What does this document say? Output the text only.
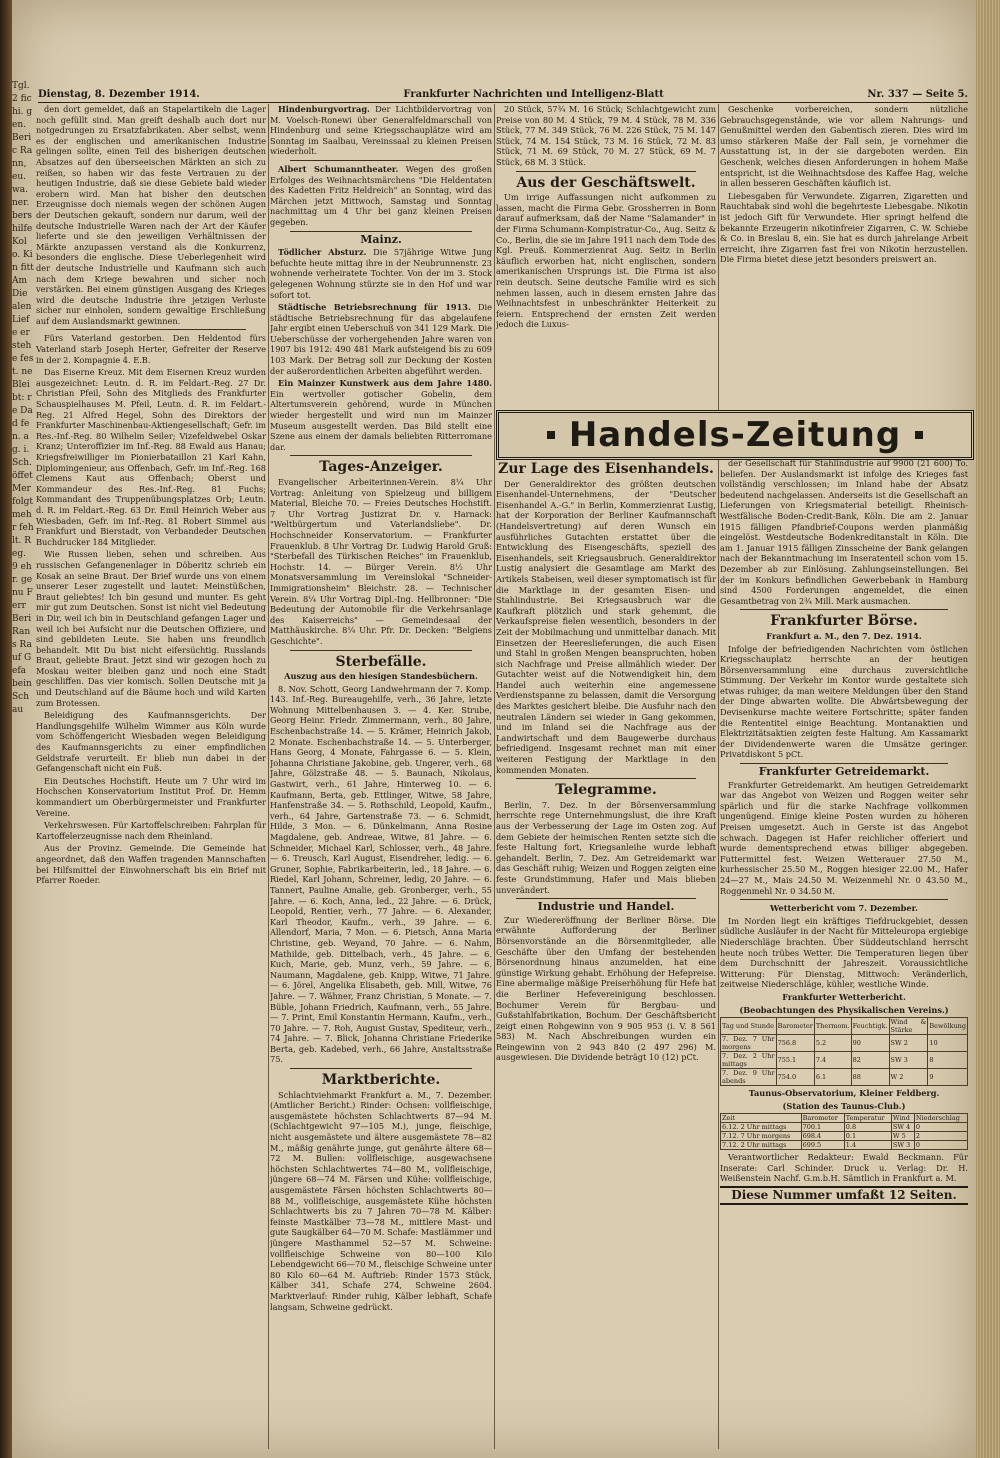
Tgl. 2 fichi. gen. Beric Rann, eu. wa. ner. bers hilfe Kolo. Kin fitt Am Die alen Liefe er stehe fest. ne Bleibt: re Dad fen. ag. i. Sch. öffet Mer folgt mehr fehlt. Reg. 9 ehr. genu Ferr Beri Rans Rauf Gefa bein Sch au
Dienstag, 8. Dezember 1914.	Frankfurter Nachrichten und Intelligenz-Blatt	Nr. 337 — Seite 5.

den dort gemeldet, daß an Stapelartikeln die Lager noch gefüllt sind. Man greift deshalb auch dort nur notgedrungen zu Ersatzfabrikaten. Aber selbst, wenn es der englischen und amerikanischen Industrie gelingen sollte, einen Teil des bisherigen deutschen Absatzes auf den überseeischen Märkten an sich zu reißen, so haben wir das feste Vertrauen zu der heutigen Industrie, daß sie diese Gebiete bald wieder erobern wird. Man hat bisher den deutschen Erzeugnisse doch niemals wegen der schönen Augen der Deutschen gekauft, sondern nur darum, weil der deutsche Industrielle Waren nach der Art der Käufer lieferte und sie den jeweiligen Verhältnissen der Märkte anzupassen verstand als die Konkurrenz, besonders die englische. Diese Ueberlegenheit wird der deutsche Industrielle und Kaufmann sich auch nach dem Kriege bewahren und sicher noch verstärken. Bei einem günstigen Ausgang des Krieges wird die deutsche Industrie ihre jetzigen Verluste sicher nur einholen, sondern gewaltige Erschließung auf dem Auslandsmarkt gewinnen.

Fürs Vaterland gestorben. Den Heldentod fürs Vaterland starb Joseph Herter, Gefreiter der Reserve in der 2. Kompagnie 4. E.B.

Das Eiserne Kreuz. Mit dem Eisernen Kreuz wurden ausgezeichnet: Leutn. d. R. im Feldart.-Reg. 27 Dr. Christian Pfeil, Sohn des Mitglieds des Frankfurter Schauspielhauses M. Pfeil, Leutn. d. R. im Feldart.-Reg. 21 Alfred Hegel, Sohn des Direktors der Frankfurter Maschinenbau-Aktiengesellschaft; Gefr. im Res.-Inf.-Reg. 80 Wilhelm Seiler; Vizefeldwebel Oskar Kranz; Unteroffizier im Inf.-Reg. 88 Ewald aus Hanau; Kriegsfreiwilliger im Pionierbataillon 21 Karl Kahn, Diplomingenieur, aus Offenbach, Gefr. im Inf.-Reg. 168 Clemens Kaut aus Offenbach; Oberst und Kommandeur des Res.-Inf.-Reg. 81 Fuchs; Kommandant des Truppenübungsplatzes Orb; Leutn. d. R. im Feldart.-Reg. 63 Dr. Emil Heinrich Weber aus Wiesbaden, Gefr. im Inf.-Reg. 81 Robert Simmel aus Frankfurt und Bierstadt, von Verbandeder Deutschen Buchdrucker 184 Mitglieder.

Wie Russen lieben, sehen und schreiben. Aus russischen Gefangenenlager in Döberitz schrieb ein Kosak an seine Braut. Der Brief wurde uns von einem unserer Leser zugestellt und lautet: Meinstüßchen, Braut geliebtes! Ich bin gesund und munter. Es geht mir gut zum Deutschen. Sonst ist nicht viel Bedeutung in Dir, weil ich bin in Deutschland gefangen Lager und weil ich bei Aufsicht nur die Deutschen Offiziere, und sind gebildeten Leute. Sie haben uns freundlich behandelt. Mit Du bist nicht eifersüchtig. Russlands Braut, geliebte Braut. Jetzt sind wir gezogen hoch zu Moskau weiter bleiben ganz und noch eine Stadt geschliffen. Das vier komisch. Sollen Deutsche mit ja und Deutschland auf die Bäume hoch und wild Karten zum Brotessen.

Beleidigung des Kaufmannsgerichts. Der Handlungsgehilfe Wilhelm Wimmer aus Köln wurde vom Schöffengericht Wiesbaden wegen Beleidigung des Kaufmannsgerichts zu einer empfindlichen Geldstrafe verurteilt. Er blieb nun dabei in der Gefangenschaft nicht ein Fuß.

Ein Deutsches Hochstift. Heute um 7 Uhr wird im Hochschen Konservatorium Institut Prof. Dr. Hemm kommandiert um Oberbürgermeister und Frankfurter Vereine.

Verkehrswesen. Für Kartoffelschreiben: Fahrplan für Kartoffelerzeugnisse nach dem Rheinland.

Aus der Provinz. Gemeinde. Die Gemeinde hat angeordnet, daß den Waffen tragenden Mannschaften bei Hilfsmittel der Einwohnerschaft bis ein Brief mit Pfarrer Roeder.

Hindenburgvortrag. Der Lichtbildervortrag von M. Voelsch-Ronewi über Generalfeldmarschall von Hindenburg und seine Kriegsschauplätze wird am Sonntag im Saalbau, Vereinssaal zu kleinen Preisen wiederholt.

Albert Schumanntheater. Wegen des großen Erfolges des Weihnachtsmärchens "Die Heldentaten des Kadetten Fritz Heldreich" an Sonntag, wird das Märchen jetzt Mittwoch, Samstag und Sonntag nachmittag um 4 Uhr bei ganz kleinen Preisen gegeben.

Mainz.

Tödlicher Absturz. Die 57jährige Witwe Jung befuchte heute mittag ihre in der Neubrunnenstr. 23 wohnende verheiratete Tochter. Von der im 3. Stock gelegenen Wohnung stürzte sie in den Hof und war sofort tot.

Städtische Betriebsrechnung für 1913. Die städtische Betriebsrechnung für das abgelaufene Jahr ergibt einen Ueberschuß von 341 129 Mark. Die Ueberschüsse der vorhergehenden Jahre waren von 1907 bis 1912: 490 481 Mark aufsteigend bis zu 609 103 Mark. Der Betrag soll zur Deckung der Kosten der außerordentlichen Arbeiten abgeführt werden.

Ein Mainzer Kunstwerk aus dem Jahre 1480. Ein wertvoller gotischer Gobelin, dem Altertumsverein gehörend, wurde in München wieder hergestellt und wird nun im Mainzer Museum ausgestellt werden. Das Bild stellt eine Szene aus einem der damals beliebten Ritterromane dar.

Tages-Anzeiger.

Evangelischer Arbeiterinnen-Verein. 8¼ Uhr Vortrag: Anleitung von Spielzeug und billigem Material, Bleiche 70. — Freies Deutsches Hochstift. 7 Uhr Vortrag Justizrat Dr. v. Harnack: "Weltbürgertum und Vaterlandsliebe". Dr. Hochschneider Konservatorium. — Frankfurter Frauenklub. 8 Uhr Vortrag Dr. Ludwig Harold Gruß: "Sterbefall des Türkischen Reiches" im Frauenklub, Hochstr. 14. — Bürger Verein. 8½ Uhr Monatsversammlung im Vereinslokal "Schneider-Immigrationsheim" Bleichstr. 28. — Technischer Verein. 8¼ Uhr Vortrag Dipl.-Ing. Hellbronner: "Die Bedeutung der Automobile für die Verkehrsanlage des Kaiserreichs" — Gemeindesaal der Matthäuskirche. 8¼ Uhr. Pfr. Dr. Decken: "Belgiens Geschichte".

Sterbefälle.

Auszug aus den hiesigen Standesbüchern.

8. Nov. Schott, Georg Landwehrmann der 7. Komp. 143. Inf.-Reg. Bureaugehilfe, verh., 36 Jahre, letzte Wohnung Mittelbenhausen 3. — 4. Ker. Strube, Georg Heinr. Friedr. Zimmermann, verh., 80 Jahre, Eschenbachstraße 14. — 5. Krämer, Heinrich Jakob, 2 Monate. Eschenbachstraße 14. — 5. Unterberger, Hans Georg, 4 Monate, Fahrgasse 6. — 5. Klein, Johanna Christiane Jakobine, geb. Ungerer, verh., 68 Jahre, Gölzstraße 48. — 5. Baunach, Nikolaus, Gastwirt, verh., 61 Jahre, Hinterweg 10. — 6. Kaufmann, Berta, geb. Ettlinger, Witwe, 58 Jahre, Hanfenstraße 34. — 5. Rothschild, Leopold, Kaufm., verh., 64 Jahre, Gartenstraße 73. — 6. Schmidt, Hilde, 3 Mon. — 6. Dünkelmann, Anna Rosine Magdalene, geb. Andreae, Witwe, 81 Jahre. — 6. Schneider, Michael Karl, Schlosser, verh., 48 Jahre. — 6. Treusch, Karl August, Eisendreher, ledig. — 6. Gruner, Sophie, Fabrikarbeiterin, led., 18 Jahre. — 6. Riedel, Karl Johann, Schreiner, ledig, 20 Jahre. — 6. Tannert, Pauline Amalie, geb. Gronberger, verh., 55 Jahre. — 6. Koch, Anna, led., 22 Jahre. — 6. Drück, Leopold, Rentier, verh., 77 Jahre. — 6. Alexander, Karl Theodor, Kaufm., verh., 39 Jahre. — 6. Allendorf, Maria, 7 Mon. — 6. Pietsch, Anna Maria Christine, geb. Weyand, 70 Jahre. — 6. Nahm, Mathilde, geb. Dittelbach, verh., 45 Jahre. — 6. Kuch, Marie, geb. Munz, verh., 59 Jahre. — 6. Naumann, Magdalene, geb. Knipp, Witwe, 71 Jahre. — 6. Jörel, Angelika Elisabeth, geb. Mill, Witwe, 76 Jahre. — 7. Wähner, Franz Christian, 5 Monate. — 7. Büble, Johann Friedrich, Kaufmann, verh., 55 Jahre. — 7. Print, Emil Konstantin Hermann, Kaufm., verh., 70 Jahre. — 7. Roh, August Gustav, Spediteur, verh., 74 Jahre. — 7. Blick, Johanna Christiane Friederike Berta, geb. Kadebed, verh., 66 Jahre, Anstaltsstraße 75.

Marktberichte.

Schlachtviehmarkt Frankfurt a. M., 7. Dezember. (Amtlicher Bericht.) Rinder: Ochsen: vollfleischige, ausgemästete höchsten Schlachtwerts 87—94 M. (Schlachtgewicht 97—105 M.), junge, fleischige, nicht ausgemästete und ältere ausgemästete 78—82 M., mäßig genährte junge, gut genährte ältere 68—72 M. Bullen: vollfleischige, ausgewachsene höchsten Schlachtwertes 74—80 M., vollfleischige, jüngere 68—74 M. Färsen und Kühe: vollfleischige, ausgemästete Färsen höchsten Schlachtwerts 80—88 M., vollfleischige, ausgemästete Kühe höchsten Schlachtwerts bis zu 7 Jahren 70—78 M. Kälber: feinste Mastkälber 73—78 M., mittlere Mast- und gute Saugkälber 64—70 M. Schafe: Mastlämmer und jüngere Masthammel 52—57 M. Schweine: vollfleischige Schweine von 80—100 Kilo Lebendgewicht 66—70 M., fleischige Schweine unter 80 Kilo 60—64 M. Auftrieb: Rinder 1573 Stück, Kälber 341, Schafe 274, Schweine 2604. Marktverlauf: Rinder ruhig, Kälber lebhaft, Schafe langsam, Schweine gedrückt.

20 Stück, 57¾ M. 16 Stück; Schlachtgewicht zum Preise von 80 M. 4 Stück, 79 M. 4 Stück, 78 M. 336 Stück, 77 M. 349 Stück, 76 M. 226 Stück, 75 M. 147 Stück, 74 M. 154 Stück, 73 M. 16 Stück, 72 M. 83 Stück, 71 M. 69 Stück, 70 M. 27 Stück, 69 M. 7 Stück, 68 M. 3 Stück.

Aus der Geschäftswelt.

Um irrige Auffassungen nicht aufkommen zu lassen, macht die Firma Gebr. Grossherren in Bonn darauf aufmerksam, daß der Name "Salamander" in der Firma Schumann-Kompistratur-Co., Aug. Seitz & Co., Berlin, die sie im Jahre 1911 nach dem Tode des Kgl. Preuß. Kommerzienrat Aug. Seitz in Berlin käuflich erworben hat, nicht englischen, sondern amerikanischen Ursprungs ist. Die Firma ist also rein deutsch. Seine deutsche Familie wird es sich nehmen lassen, auch in diesem ernsten Jahre das Weihnachtsfest in unbeschränkter Heiterkeit zu feiern. Entsprechend der ernsten Zeit werden jedoch die Luxus-

Geschenke vorbereichen, sondern nützliche Gebrauchsgegenstände, wie vor allem Nahrungs- und Genußmittel werden den Gabentisch zieren. Dies wird im umso stärkeren Maße der Fall sein, je vornehmer die Ausstattung ist, in der sie dargeboten werden. Ein Geschenk, welches diesen Anforderungen in hohem Maße entspricht, ist die Weihnachtsdose des Kaffee Hag, welche in allen besseren Geschäften käuflich ist.

Liebesgaben für Verwundete. Zigarren, Zigaretten und Rauchtabak sind wohl die begehrteste Liebesgabe. Nikotin ist jedoch Gift für Verwundete. Hier springt helfend die bekannte Erzeugerin nikotinfreier Zigarren, C. W. Schiebe & Co. in Breslau 8, ein. Sie hat es durch jahrelange Arbeit erreicht, ihre Zigarren fast frei von Nikotin herzustellen. Die Firma bietet diese jetzt besonders preiswert an.

Handels-Zeitung

Zur Lage des Eisenhandels.

Der Generaldirektor des größten deutschen Eisenhandel-Unternehmens, der "Deutscher Eisenhandel A.-G." in Berlin, Kommerzienrat Lustig, hat der Korporation der Berliner Kaufmannschaft (Handelsvertretung) auf deren Wunsch ein ausführliches Gutachten erstattet über die Entwicklung des Eisengeschäfts, speziell des Eisenhandels, seit Kriegsausbruch. Generaldirektor Lustig analysiert die Gesamtlage am Markt des Artikels Stabeisen, weil dieser symptomatisch ist für die Marktlage in der gesamten Eisen- und Stahlindustrie. Bei Kriegsausbruch war die Kaufkraft plötzlich und stark gehemmt, die Verkaufspreise fielen wesentlich, besonders in der Zeit der Mobilmachung und unmittelbar danach. Mit Einsetzen der Heereslieferungen, die auch Eisen und Stahl in großen Mengen beanspruchten, hoben sich Nachfrage und Preise allmählich wieder. Der Gutachter weist auf die Notwendigkeit hin, dem Handel auch weiterhin eine angemessene Verdienstspanne zu belassen, damit die Versorgung des Marktes gesichert bleibe. Die Ausfuhr nach den neutralen Ländern sei wieder in Gang gekommen, und im Inland sei die Nachfrage aus der Landwirtschaft und dem Baugewerbe durchaus befriedigend. Insgesamt rechnet man mit einer weiteren Festigung der Marktlage in den kommenden Monaten.

Telegramme.

Berlin, 7. Dez. In der Börsenversammlung herrschte rege Unternehmungslust, die ihre Kraft aus der Verbesserung der Lage im Osten zog. Auf dem Gebiete der heimischen Renten setzte sich die feste Haltung fort, Kriegsanleihe wurde lebhaft gehandelt. Berlin, 7. Dez. Am Getreidemarkt war das Geschäft ruhig; Weizen und Roggen zeigten eine feste Grundstimmung, Hafer und Mais blieben unverändert.

Industrie und Handel.

Zur Wiedereröffnung der Berliner Börse. Die erwähnte Aufforderung der Berliner Börsenvorstände an die Börsenmitglieder, alle Geschäfte über den Umfang der bestehenden Börsenordnung hinaus anzumelden, hat eine günstige Wirkung gehabt. Erhöhung der Hefepreise. Eine abermalige mäßige Preiserhöhung für Hefe hat die Berliner Hefevereinigung beschlossen. Bochumer Verein für Bergbau- und Gußstahlfabrikation, Bochum. Der Geschäftsbericht zeigt einen Rohgewinn von 9 905 953 (i. V. 8 561 583) M. Nach Abschreibungen wurden ein Reingewinn von 2 943 840 (2 497 296) M. ausgewiesen. Die Dividende beträgt 10 (12) pCt.

der Gesellschaft für Stahlindustrie auf 9900 (21 600) To. beliefen. Der Auslandsmarkt ist infolge des Krieges fast vollständig verschlossen; im Inland habe der Absatz bedeutend nachgelassen. Anderseits ist die Gesellschaft an Lieferungen von Kriegsmaterial beteiligt. Rheinisch-Westfälische Boden-Credit-Bank, Köln. Die am 2. Januar 1915 fälligen Pfandbrief-Coupons werden planmäßig eingelöst. Westdeutsche Bodenkreditanstalt in Köln. Die am 1. Januar 1915 fälligen Zinsscheine der Bank gelangen nach der Bekanntmachung im Inseratenteil schon vom 15. Dezember ab zur Einlösung. Zahlungseinstellungen. Bei der im Konkurs befindlichen Gewerbebank in Hamburg sind 4500 Forderungen angemeldet, die einen Gesamtbetrag von 2¾ Mill. Mark ausmachen.

Frankfurter Börse.

Frankfurt a. M., den 7. Dez. 1914.

Infolge der befriedigenden Nachrichten vom östlichen Kriegsschauplatz herrschte an der heutigen Börsenversammlung eine durchaus zuversichtliche Stimmung. Der Verkehr im Kontor wurde gestaltete sich etwas ruhiger, da man weitere Meldungen über den Stand der Dinge abwarten wollte. Die Abwärtsbewegung der Devisenkurse machte weitere Fortschritte; später fanden die Rententitel einige Beachtung. Montanaktien und Elektrizitätsaktien zeigten feste Haltung. Am Kassamarkt der Dividendenwerte waren die Umsätze geringer. Privatdiskont 5 pCt.

Frankfurter Getreidemarkt.

Frankfurter Getreidemarkt. Am heutigen Getreidemarkt war das Angebot von Weizen und Roggen weiter sehr spärlich und für die starke Nachfrage vollkommen ungenügend. Einige kleine Posten wurden zu höheren Preisen umgesetzt. Auch in Gerste ist das Angebot schwach. Dagegen ist Hafer reichlicher offeriert und wurde dementsprechend etwas billiger abgegeben. Futtermittel fest. Weizen Wetterauer 27.50 M., kurhessischer 25.50 M., Roggen hiesiger 22.00 M., Hafer 24—27 M., Mais 24.50 M. Weizenmehl Nr. 0 43.50 M., Roggenmehl Nr. 0 34.50 M.

Wetterbericht vom 7. Dezember.

Im Norden liegt ein kräftiges Tiefdruckgebiet, dessen südliche Ausläufer in der Nacht für Mitteleuropa ergiebige Niederschläge brachten. Über Süddeutschland herrscht heute noch trübes Wetter. Die Temperaturen liegen über dem Durchschnitt der Jahreszeit. Voraussichtliche Witterung: Für Dienstag, Mittwoch: Veränderlich, zeitweise Niederschläge, kühler, westliche Winde.

Frankfurter Wetterbericht.

(Beobachtungen des Physikalischen Vereins.)

Tag und Stunde	Barometer	Thermom.	Feuchtigk.	Wind & Stärke	Bewölkung
7. Dez. 7 Uhr morgens	756.8	5.2	90	SW 2	10
7. Dez. 2 Uhr mittags	755.1	7.4	82	SW 3	8
7. Dez. 9 Uhr abends	754.0	6.1	88	W 2	9

Taunus-Observatorium, Kleiner Feldberg.

(Station des Taunus-Club.)

Zeit	Barometer	Temperatur	Wind	Niederschlag
6.12. 2 Uhr mittags	700.1	0.8	SW 4	0
7.12. 7 Uhr morgens	698.4	0.1	W 5	2
7.12. 2 Uhr mittags	699.5	1.4	SW 3	0

Verantwortlicher Redakteur: Ewald Beckmann. Für Inserate: Carl Schinder. Druck u. Verlag: Dr. H. Weißenstein Nachf. G.m.b.H. Sämtlich in Frankfurt a. M.

Diese Nummer umfaßt 12 Seiten.
